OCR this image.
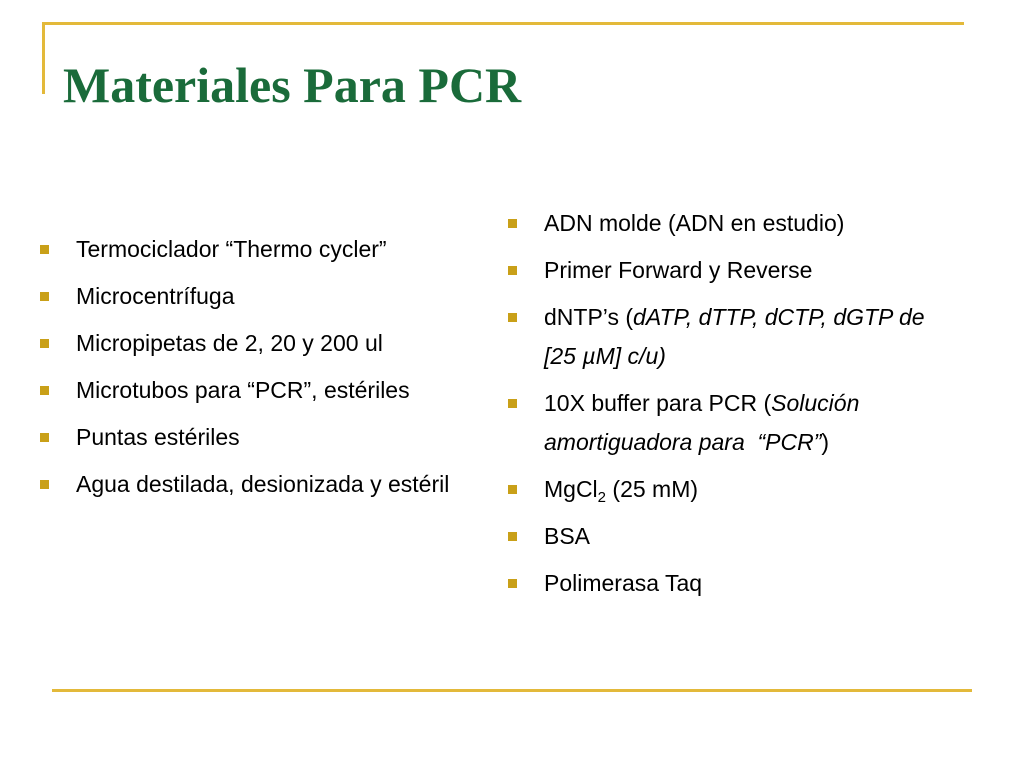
Materiales Para PCR
Termociclador “Thermo cycler”
Microcentrífuga
Micropipetas de 2, 20 y 200 ul
Microtubos para “PCR”, estériles
Puntas estériles
Agua destilada, desionizada y estéril
ADN molde (ADN en estudio)
Primer Forward y Reverse
dNTP’s (dATP, dTTP, dCTP, dGTP de    [25 µM] c/u)
10X buffer para PCR (Solución amortiguadora para  “PCR”)
MgCl$_2$ (25 mM)
BSA
Polimerasa Taq
